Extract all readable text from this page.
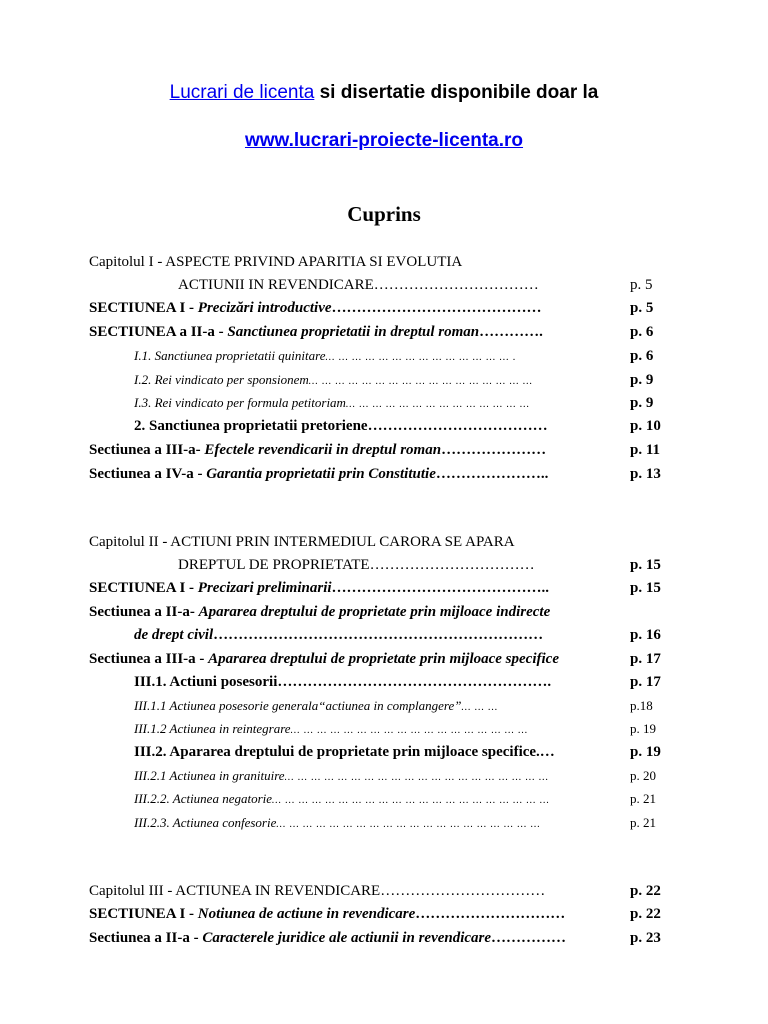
Lucrari de licenta si disertatie disponibile doar la
www.lucrari-proiecte-licenta.ro
Cuprins
Capitolul I - ASPECTE PRIVIND APARITIA SI EVOLUTIA
ACTIUNII IN REVENDICARE……………………………	p. 5
SECTIUNEA I - Precizări introductive……………………………………	p. 5
SECTIUNEA a II-a - Sanctiunea proprietatii in dreptul roman………….	p. 6
I.1. Sanctiunea proprietatii quinitare… … … … … … … … … … … … … … .	p. 6
I.2. Rei vindicato per sponsionem… … … … … … … … … … … … … … … … …	p. 9
I.3. Rei vindicato per formula petitoriam… … … … … … … … … … … … … …	p. 9
2. Sanctiunea proprietatii pretoriene………………………………	p. 10
Sectiunea a III-a- Efectele revendicarii in dreptul roman…………………	p. 11
Sectiunea a IV-a - Garantia proprietatii prin Constitutie…………………..	p. 13
Capitolul II - ACTIUNI PRIN INTERMEDIUL CARORA SE APARA
DREPTUL DE PROPRIETATE……………………………	p. 15
SECTIUNEA I - Precizari preliminarii……………………………………..	p. 15
Sectiunea a II-a- Apararea dreptului de proprietate prin mijloace indirecte
de drept civil…………………………………………………………	p. 16
Sectiunea a III-a - Apararea dreptului de proprietate prin mijloace specifice	p. 17
III.1. Actiuni posesorii……………………………………………….	p. 17
III.1.1 Actiunea posesorie generala“actiunea in complangere”… … …	p.18
III.1.2 Actiunea in reintegrare… … … … … … … … … … … … … … … … … …	p. 19
III.2. Apararea dreptului de proprietate prin mijloace specifice.…	p. 19
III.2.1 Actiunea in granituire… … … … … … … … … … … … … … … … … … … …	p. 20
III.2.2. Actiunea negatorie… … … … … … … … … … … … … … … … … … … … …	p. 21
III.2.3. Actiunea confesorie… … … … … … … … … … … … … … … … … … … …	p. 21
Capitolul III - ACTIUNEA IN REVENDICARE……………………………	p. 22
SECTIUNEA I - Notiunea de actiune in revendicare…………………………	p. 22
Sectiunea a II-a - Caracterele juridice ale actiunii in revendicare……………	p. 23
